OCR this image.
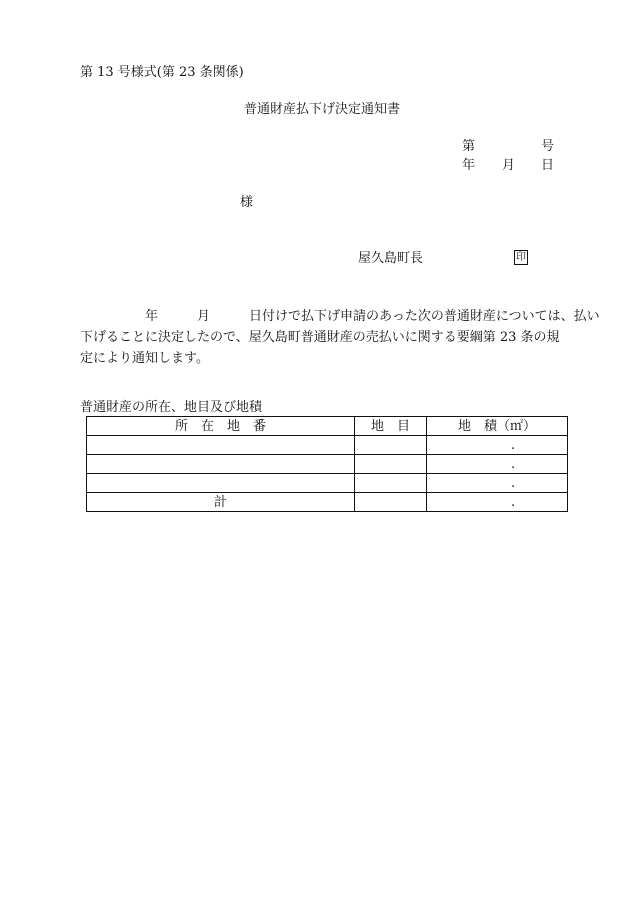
第 13 号様式(第 23 条関係)
普通財産払下げ決定通知書
第	号
年 月 日
様
屋久島町長	印
　　　　　年　　　月　　　日付けで払下げ申請のあった次の普通財産については、払い
下げることに決定したので、屋久島町普通財産の売払いに関する要綱第 23 条の規
定により通知します。
普通財産の所在、地目及び地積
所　在　地　番	地　目	地　積（㎡）

		.

		.

		.

計		.
